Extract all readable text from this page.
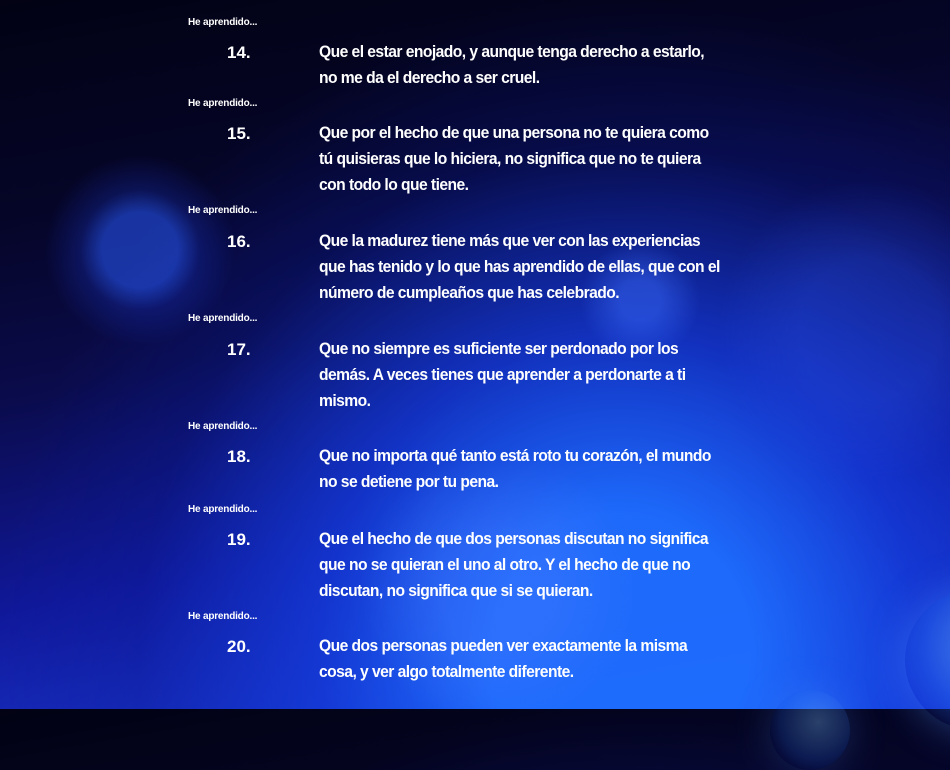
He aprendido...
14.	Que el estar enojado, y aunque tenga derecho a estarlo,
no me da el derecho a ser cruel.
He aprendido...
15.	Que por el hecho de que una persona no te quiera como
tú quisieras que lo hiciera, no significa que no te quiera
con todo lo que tiene.
He aprendido...
16.	Que la madurez tiene más que ver con las experiencias
que has tenido y lo que has aprendido de ellas, que con el
número de cumpleaños que has celebrado.
He aprendido...
17.	Que no siempre es suficiente ser perdonado por los
demás. A veces tienes que aprender a perdonarte a ti
mismo.
He aprendido...
18.	Que no importa qué tanto está roto tu corazón, el mundo
no se detiene por tu pena.
He aprendido...
19.	Que el hecho de que dos personas discutan no significa
que no se quieran el uno al otro. Y el hecho de que no
discutan, no significa que si se quieran.
He aprendido...
20.	Que dos personas pueden ver exactamente la misma
cosa, y ver algo totalmente diferente.
